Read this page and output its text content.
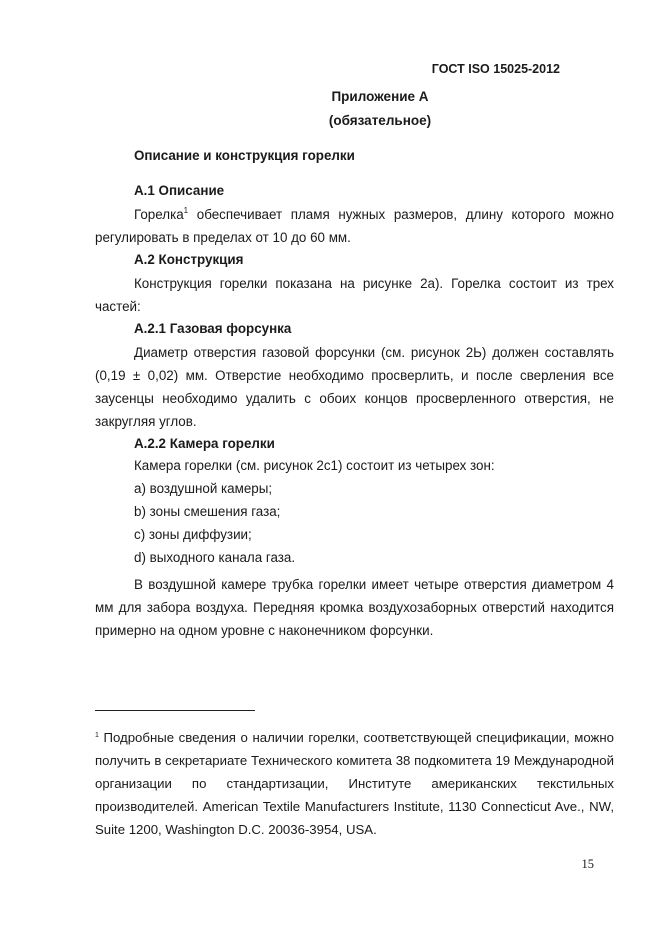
ГОСТ ISO 15025-2012
Приложение А
(обязательное)
Описание и конструкция горелки
А.1 Описание
Горелка$^1$ обеспечивает пламя нужных размеров, длину которого можно регулировать в пределах от 10 до 60 мм.
А.2 Конструкция
Конструкция горелки показана на рисунке 2а). Горелка состоит из трех частей:
А.2.1 Газовая форсунка
Диаметр отверстия газовой форсунки (см. рисунок 2Ь) должен составлять (0,19 ± 0,02) мм. Отверстие необходимо просверлить, и после сверления все заусенцы необходимо удалить с обоих концов просверленного отверстия, не закругляя углов.
А.2.2 Камера горелки
Камера горелки (см. рисунок 2с1) состоит из четырех зон:
а) воздушной камеры;
b) зоны смешения газа;
с) зоны диффузии;
d) выходного канала газа.
В воздушной камере трубка горелки имеет четыре отверстия диаметром 4 мм для забора воздуха. Передняя кромка воздухозаборных отверстий находится примерно на одном уровне с наконечником форсунки.
$^1$ Подробные сведения о наличии горелки, соответствующей спецификации, можно получить в секретариате Технического комитета 38 подкомитета 19 Международной организации по стандартизации, Институте американских текстильных производителей. American Textile Manufacturers Institute, 1130 Connecticut Ave., NW, Suite 1200, Washington D.C. 20036-3954, USA.
15
